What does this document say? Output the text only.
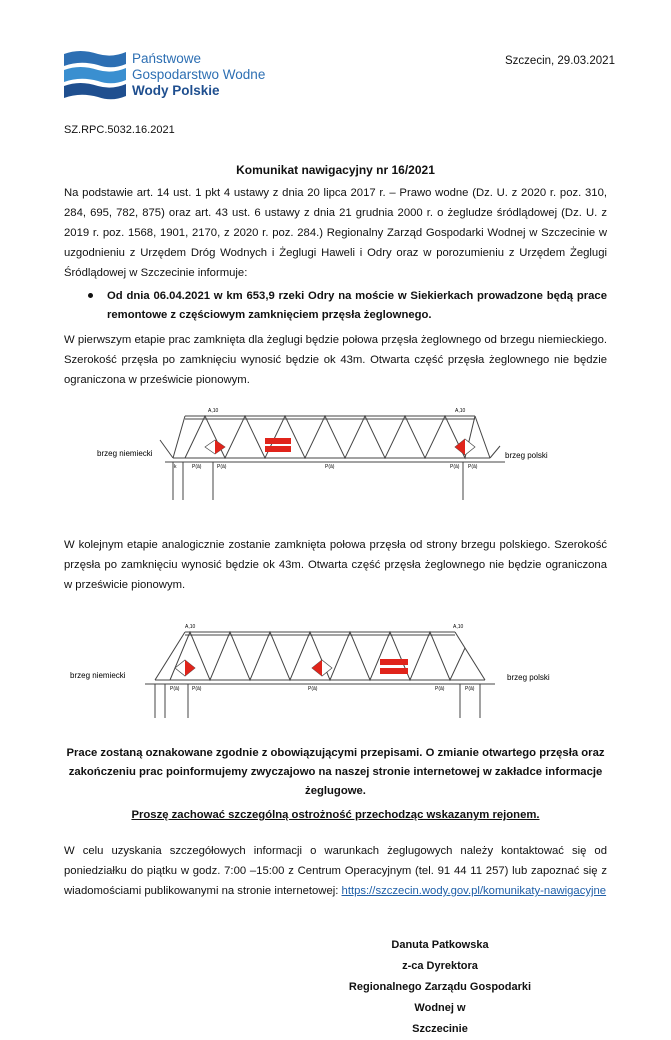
Państwowe
Gospodarstwo Wodne
Wody Polskie
Szczecin, 29.03.2021
SZ.RPC.5032.16.2021
Komunikat nawigacyjny nr 16/2021
Na podstawie art. 14 ust. 1 pkt 4 ustawy z dnia 20 lipca 2017 r. – Prawo wodne (Dz. U. z 2020 r. poz. 310, 284, 695, 782, 875) oraz art. 43 ust. 6 ustawy z dnia 21 grudnia 2000 r. o żegludze śródlądowej (Dz. U. z 2019 r. poz. 1568, 1901, 2170, z 2020 r. poz. 284.) Regionalny Zarząd Gospodarki Wodnej w Szczecinie w uzgodnieniu z Urzędem Dróg Wodnych i Żeglugi Haweli i Odry oraz w porozumieniu z Urzędem Żeglugi Śródlądowej w Szczecinie informuje:
Od dnia 06.04.2021 w km 653,9 rzeki Odry na moście w Siekierkach prowadzone będą prace remontowe z częściowym zamknięciem przęsła żeglownego.
W pierwszym etapie prac zamknięta dla żeglugi będzie połowa przęsła żeglownego od brzegu niemieckiego. Szerokość przęsła po zamknięciu wynosić będzie ok 43m. Otwarta część przęsła żeglownego nie będzie ograniczona w prześwicie pionowym.
brzeg niemiecki	brzeg polski
A,10	A,10
k	P(ā)	P(ā)	P(ā)	P(ā) P(ā)
W kolejnym etapie analogicznie zostanie zamknięta połowa przęsła od strony brzegu polskiego. Szerokość przęsła po zamknięciu wynosić będzie ok 43m. Otwarta część przęsła żeglownego nie będzie ograniczona w prześwicie pionowym.
brzeg niemiecki	brzeg polski
A,10	A,10
P(ā)	P(ā)	P(ā)	P(ā)	P(ā)
Prace zostaną oznakowane zgodnie z obowiązującymi przepisami. O zmianie otwartego przęsła oraz zakończeniu prac poinformujemy zwyczajowo na naszej stronie internetowej w zakładce informacje żeglugowe.
Proszę zachować szczególną ostrożność przechodząc wskazanym rejonem.
W celu uzyskania szczegółowych informacji o warunkach żeglugowych należy kontaktować się od poniedziałku do piątku w godz. 7:00 –15:00 z Centrum Operacyjnym (tel. 91 44 11 257) lub zapoznać się z wiadomościami publikowanymi na stronie internetowej: https://szczecin.wody.gov.pl/komunikaty-nawigacyjne
Danuta Patkowska
z-ca Dyrektora
Regionalnego Zarządu Gospodarki Wodnej w
Szczecinie
